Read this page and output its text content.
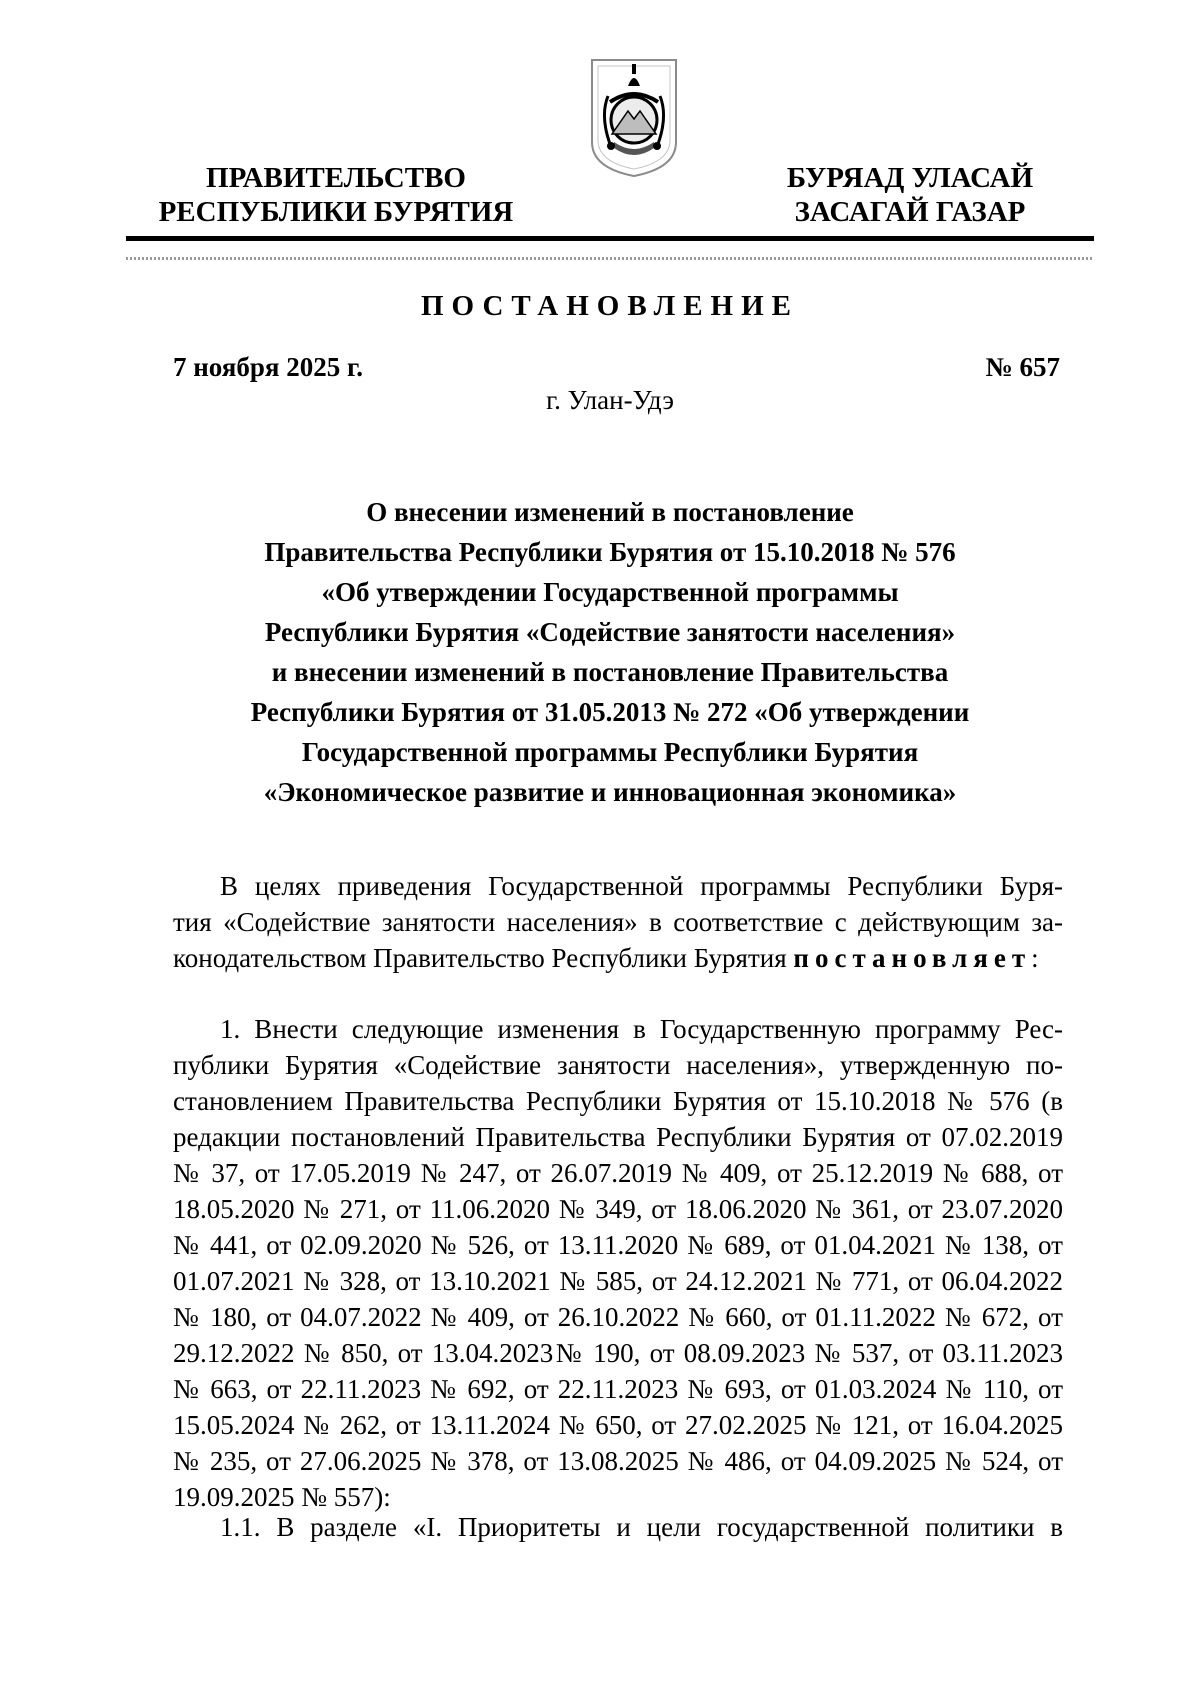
ПРАВИТЕЛЬСТВО
РЕСПУБЛИКИ БУРЯТИЯ
БУРЯАД УЛАСАЙ
ЗАСАГАЙ ГАЗАР
ПОСТАНОВЛЕНИЕ
7 ноября 2025 г.	№ 657
г. Улан-Удэ
О внесении изменений в постановление
Правительства Республики Бурятия от 15.10.2018 № 576
«Об утверждении Государственной программы
Республики Бурятия «Содействие занятости населения»
и внесении изменений в постановление Правительства
Республики Бурятия от 31.05.2013 № 272 «Об утверждении
Государственной программы Республики Бурятия
«Экономическое развитие и инновационная экономика»
В целях приведения Государственной программы Республики Буря-
тия «Содействие занятости населения» в соответствие с действующим за-
конодательством Правительство Республики Бурятия постановляет:
1. Внести следующие изменения в Государственную программу Рес-
публики Бурятия «Содействие занятости населения», утвержденную по-
становлением Правительства Республики Бурятия от 15.10.2018 № 576 (в
редакции постановлений Правительства Республики Бурятия от 07.02.2019
№ 37, от 17.05.2019 № 247, от 26.07.2019 № 409, от 25.12.2019 № 688, от
18.05.2020 № 271, от 11.06.2020 № 349, от 18.06.2020 № 361, от 23.07.2020
№ 441, от 02.09.2020 № 526, от 13.11.2020 № 689, от 01.04.2021 № 138, от
01.07.2021 № 328, от 13.10.2021 № 585, от 24.12.2021 № 771, от 06.04.2022
№ 180, от 04.07.2022 № 409, от 26.10.2022 № 660, от 01.11.2022 № 672, от
29.12.2022 № 850, от 13.04.2023№ 190, от 08.09.2023 № 537, от 03.11.2023
№ 663, от 22.11.2023 № 692, от 22.11.2023 № 693, от 01.03.2024 № 110, от
15.05.2024 № 262, от 13.11.2024 № 650, от 27.02.2025 № 121, от 16.04.2025
№ 235, от 27.06.2025 № 378, от 13.08.2025 № 486, от 04.09.2025 № 524, от
19.09.2025 № 557):
1.1. В разделе «I. Приоритеты и цели государственной политики в
